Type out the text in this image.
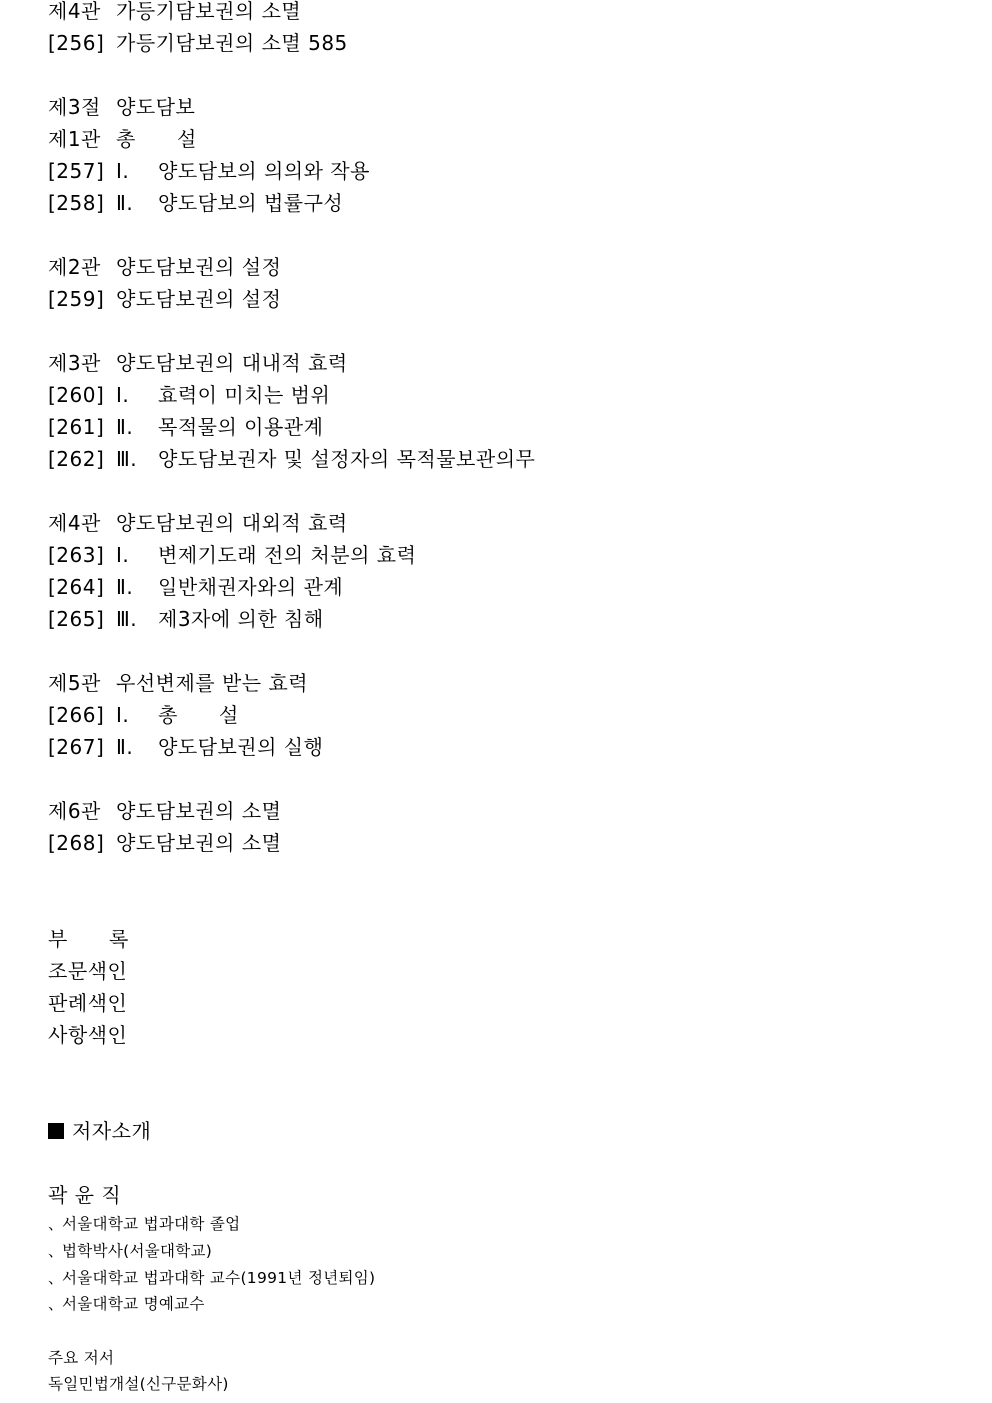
제4관 가등기담보권의 소멸
[256] 가등기담보권의 소멸 585
제3절 양도담보
제1관 총      설
[257] Ⅰ. 양도담보의 의의와 작용
[258] Ⅱ. 양도담보의 법률구성
제2관 양도담보권의 설정
[259] 양도담보권의 설정
제3관 양도담보권의 대내적 효력
[260] Ⅰ. 효력이 미치는 범위
[261] Ⅱ. 목적물의 이용관계
[262] Ⅲ. 양도담보권자 및 설정자의 목적물보관의무
제4관 양도담보권의 대외적 효력
[263] Ⅰ. 변제기도래 전의 처분의 효력
[264] Ⅱ. 일반채권자와의 관계
[265] Ⅲ. 제3자에 의한 침해
제5관 우선변제를 받는 효력
[266] Ⅰ. 총      설
[267] Ⅱ. 양도담보권의 실행
제6관 양도담보권의 소멸
[268] 양도담보권의 소멸
부      록
조문색인
판례색인
사항색인
저자소개
곽 윤 직
、서울대학교 법과대학 졸업
、법학박사(서울대학교)
、서울대학교 법과대학 교수(1991년 정년퇴임)
、서울대학교 명예교수
주요 저서
독일민법개설(신구문화사)
